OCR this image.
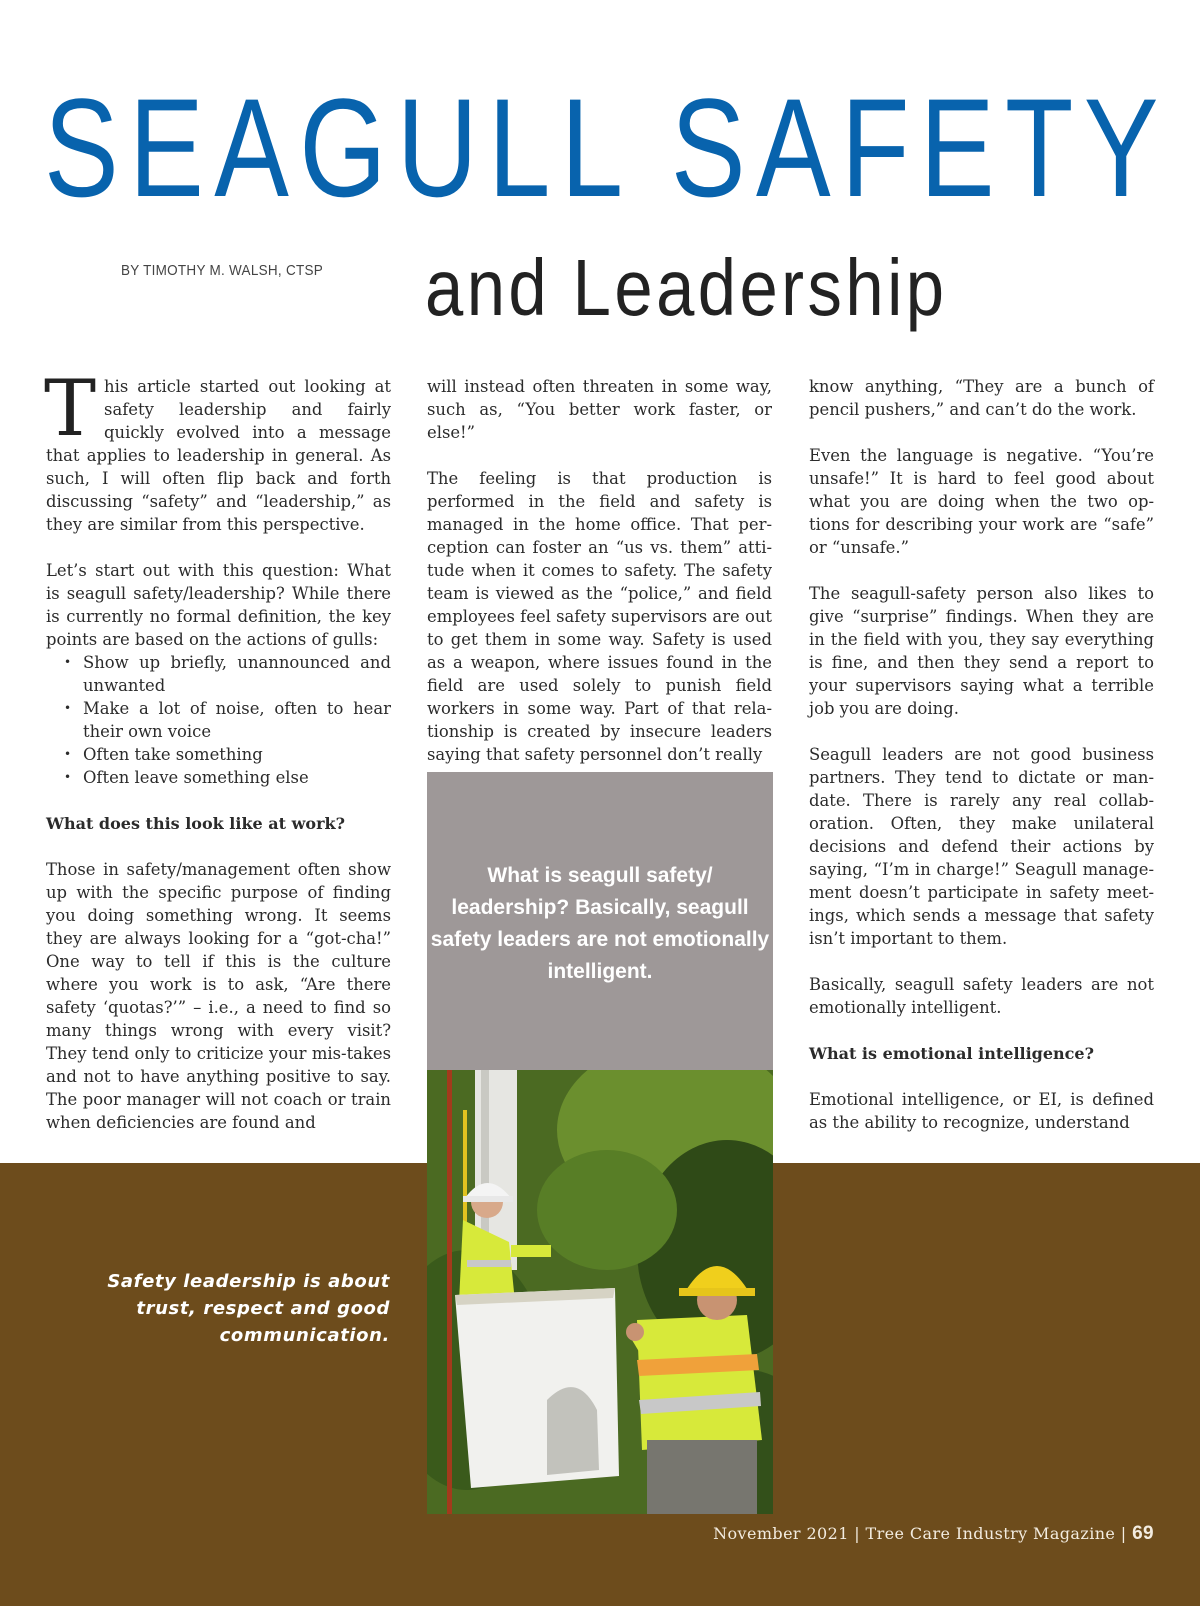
SEAGULL SAFETY
BY TIMOTHY M. WALSH, CTSP and Leadership

This article started out looking at safety leadership and fairly quickly evolved into a message that applies to leadership in general. As such, I will often flip back and forth discussing “safety” and “leadership,” as they are similar from this perspective.

Let’s start out with this question: What is seagull safety/leadership? While there is currently no formal definition, the key points are based on the actions of gulls:

• Show up briefly, unannounced and unwanted
• Make a lot of noise, often to hear their own voice
• Often take something
• Often leave something else

What does this look like at work?

Those in safety/management often show up with the specific purpose of finding you doing something wrong. It seems they are always looking for a “got-cha!” One way to tell if this is the culture where you work is to ask, “Are there safety ‘quotas?’” – i.e., a need to find so many things wrong with every visit? They tend only to criticize your mis-takes and not to have anything positive to say. The poor manager will not coach or train when deficiencies are found and

will instead often threaten in some way, such as, “You better work faster, or else!”

The feeling is that production is performed in the field and safety is managed in the home office. That per-ception can foster an “us vs. them” atti-tude when it comes to safety. The safety team is viewed as the “police,” and field employees feel safety supervisors are out to get them in some way. Safety is used as a weapon, where issues found in the field are used solely to punish field workers in some way. Part of that rela-tionship is created by insecure leaders saying that safety personnel don’t really

know anything, “They are a bunch of pencil pushers,” and can’t do the work.

Even the language is negative. “You’re unsafe!” It is hard to feel good about what you are doing when the two op-tions for describing your work are “safe” or “unsafe.”

The seagull-safety person also likes to give “surprise” findings. When they are in the field with you, they say everything is fine, and then they send a report to your supervisors saying what a terrible job you are doing.

Seagull leaders are not good business partners. They tend to dictate or man-date. There is rarely any real collab-oration. Often, they make unilateral decisions and defend their actions by saying, “I’m in charge!” Seagull manage-ment doesn’t participate in safety meet-ings, which sends a message that safety isn’t important to them.

Basically, seagull safety leaders are not emotionally intelligent.

What is emotional intelligence?

Emotional intelligence, or EI, is defined as the ability to recognize, understand

What is seagull safety/ leadership? Basically, seagull safety leaders are not emotionally intelligent.
Safety leadership is about trust, respect and good communication.
November 2021 | Tree Care Industry Magazine | 69
